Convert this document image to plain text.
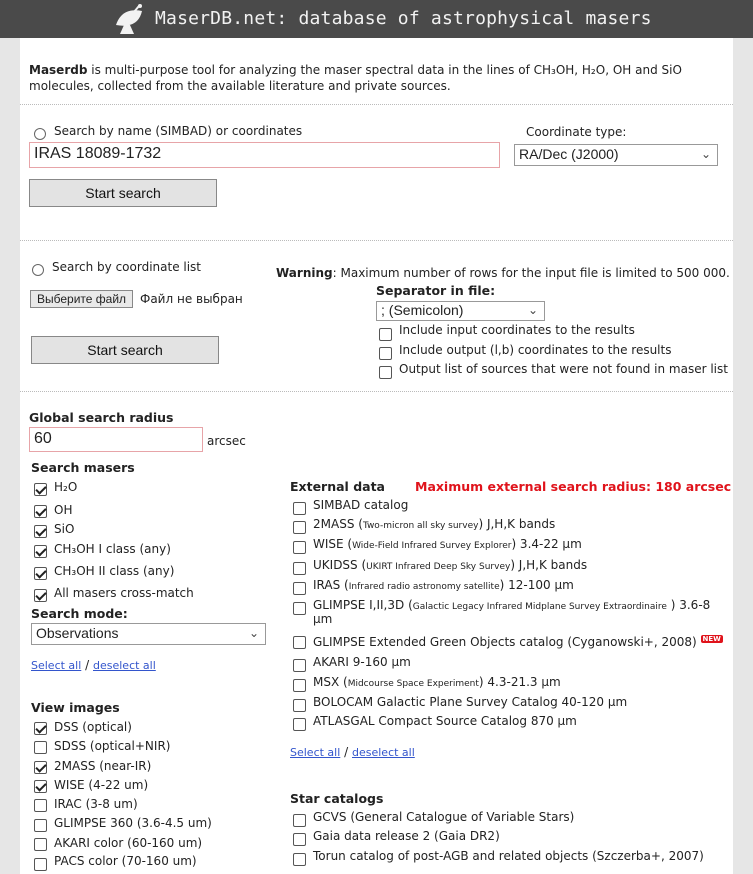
MaserDB.net: database of astrophysical masers
Maserdb is multi-purpose tool for analyzing the maser spectral data in the lines of CH₃OH, H₂O, OH and SiO molecules, collected from the available literature and private sources.
Search by name (SIMBAD) or coordinates	Coordinate type:
IRAS 18089-1732	RA/Dec (J2000)	⌄
Start search
Search by coordinate list	Warning: Maximum number of rows for the input file is limited to 500 000.
Выберите файл	Файл не выбран
Separator in file:
; (Semicolon)	⌄
Include input coordinates to the results
Start search	Include output (l,b) coordinates to the results
Output list of sources that were not found in maser list
Global search radius
60	arcsec
Search masers
H₂O
OH
SiO
CH₃OH I class (any)
CH₃OH II class (any)
All masers cross-match
Search mode:
Observations	⌄
Select all / deselect all
View images
DSS (optical)
SDSS (optical+NIR)
2MASS (near-IR)
WISE (4-22 um)
IRAC (3-8 um)
GLIMPSE 360 (3.6-4.5 um)
AKARI color (60-160 um)
PACS color (70-160 um)
External data Maximum external search radius: 180 arcsec
SIMBAD catalog
2MASS (Two-micron all sky survey) J,H,K bands
WISE (Wide-Field Infrared Survey Explorer) 3.4-22 μm
UKIDSS (UKIRT Infrared Deep Sky Survey) J,H,K bands
IRAS (Infrared radio astronomy satellite) 12-100 μm
GLIMPSE I,II,3D (Galactic Legacy Infrared Midplane Survey Extraordinaire ) 3.6-8
μm
GLIMPSE Extended Green Objects catalog (Cyganowski+, 2008) $^{NEW}$
AKARI 9-160 μm
MSX (Midcourse Space Experiment) 4.3-21.3 μm
BOLOCAM Galactic Plane Survey Catalog 40-120 μm
ATLASGAL Compact Source Catalog 870 μm
Select all / deselect all
Star catalogs
GCVS (General Catalogue of Variable Stars)
Gaia data release 2 (Gaia DR2)
Torun catalog of post-AGB and related objects (Szczerba+, 2007)
